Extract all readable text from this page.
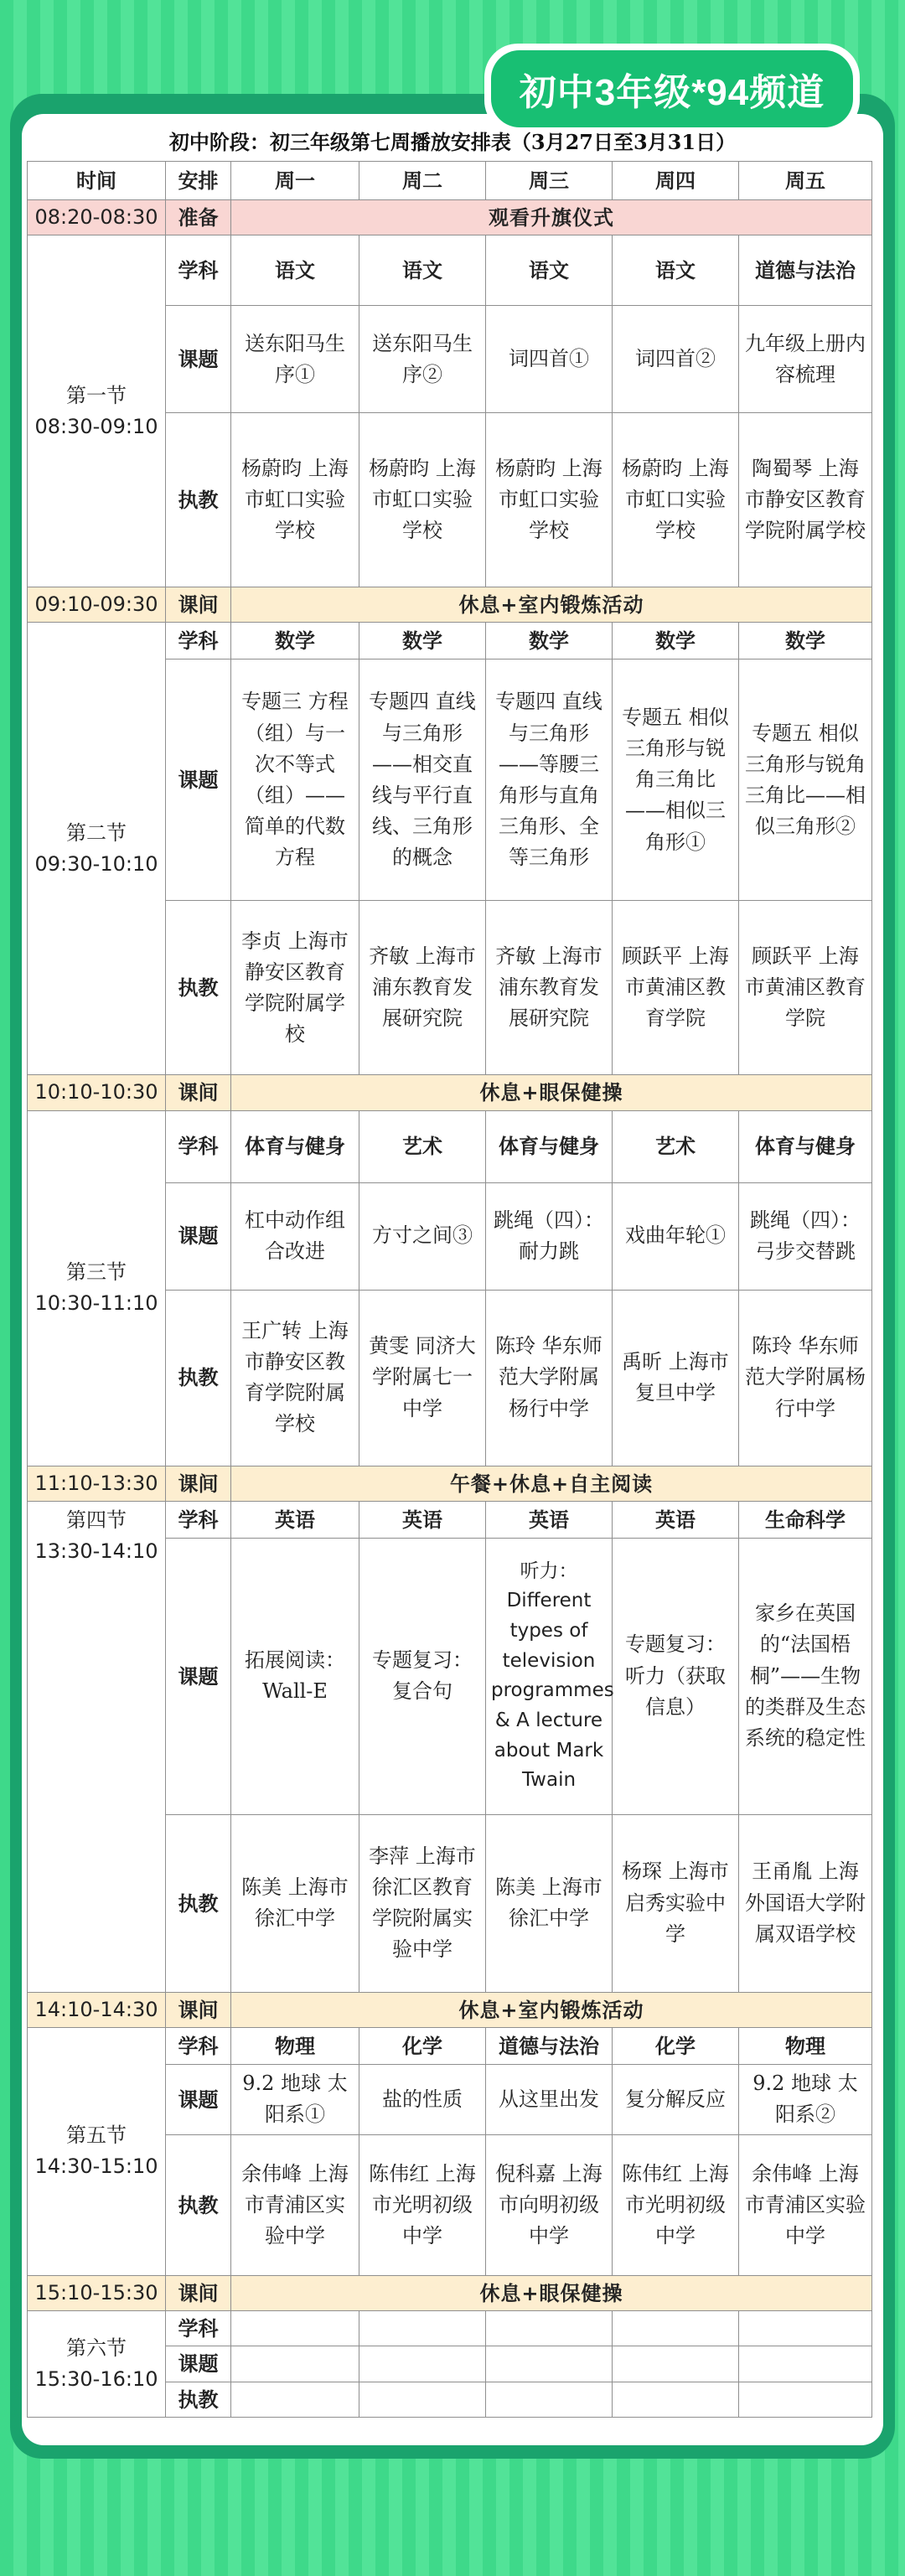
初中3年级*94频道
初中阶段：初三年级第七周播放安排表（3月27日至3月31日）
时间	安排	周一	周二	周三	周四	周五
08:20-08:30	准备	观看升旗仪式				

第一节
08:30-09:10	学科	语文	语文	语文	语文	道德与法治
	课题	送东阳马生序①	送东阳马生序②	词四首①	词四首②	九年级上册内容梳理
	执教	杨蔚昀 上海市虹口实验学校	杨蔚昀 上海市虹口实验学校	杨蔚昀 上海市虹口实验学校	杨蔚昀 上海市虹口实验学校	陶蜀琴 上海市静安区教育学院附属学校
09:10-09:30	课间	休息+室内锻炼活动				

第二节
09:30-10:10	学科	数学	数学	数学	数学	数学
	课题	专题三 方程（组）与一次不等式（组）——简单的代数方程	专题四 直线与三角形——相交直线与平行直线、三角形的概念	专题四 直线与三角形——等腰三角形与直角三角形、全等三角形	专题五 相似三角形与锐角三角比——相似三角形①	专题五 相似三角形与锐角三角比——相似三角形②
	执教	李贞 上海市静安区教育学院附属学校	齐敏 上海市浦东教育发展研究院	齐敏 上海市浦东教育发展研究院	顾跃平 上海市黄浦区教育学院	顾跃平 上海市黄浦区教育学院
10:10-10:30	课间	休息+眼保健操				

第三节
10:30-11:10	学科	体育与健身	艺术	体育与健身	艺术	体育与健身
	课题	杠中动作组合改进	方寸之间③	跳绳（四）：耐力跳	戏曲年轮①	跳绳（四）：弓步交替跳
	执教	王广转 上海市静安区教育学院附属学校	黄雯 同济大学附属七一中学	陈玲 华东师范大学附属杨行中学	禹昕 上海市复旦中学	陈玲 华东师范大学附属杨行中学
11:10-13:30	课间	午餐+休息+自主阅读				

第四节
13:30-14:10	学科	英语	英语	英语	英语	生命科学
	课题	拓展阅读：Wall-E	专题复习：复合句	听力：Different types of television programmes & A lecture about Mark Twain	专题复习：听力（获取信息）	家乡在英国的“法国梧桐”——生物的类群及生态系统的稳定性
	执教	陈美 上海市徐汇中学	李萍 上海市徐汇区教育学院附属实验中学	陈美 上海市徐汇中学	杨琛 上海市启秀实验中学	王甬胤 上海外国语大学附属双语学校
14:10-14:30	课间	休息+室内锻炼活动				

第五节
14:30-15:10	学科	物理	化学	道德与法治	化学	物理
	课题	9.2 地球 太阳系①	盐的性质	从这里出发	复分解反应	9.2 地球 太阳系②
	执教	余伟峰 上海市青浦区实验中学	陈伟红 上海市光明初级中学	倪科嘉 上海市向明初级中学	陈伟红 上海市光明初级中学	余伟峰 上海市青浦区实验中学
15:10-15:30	课间	休息+眼保健操				

第六节
15:30-16:10	学科					
	课题					
	执教					
